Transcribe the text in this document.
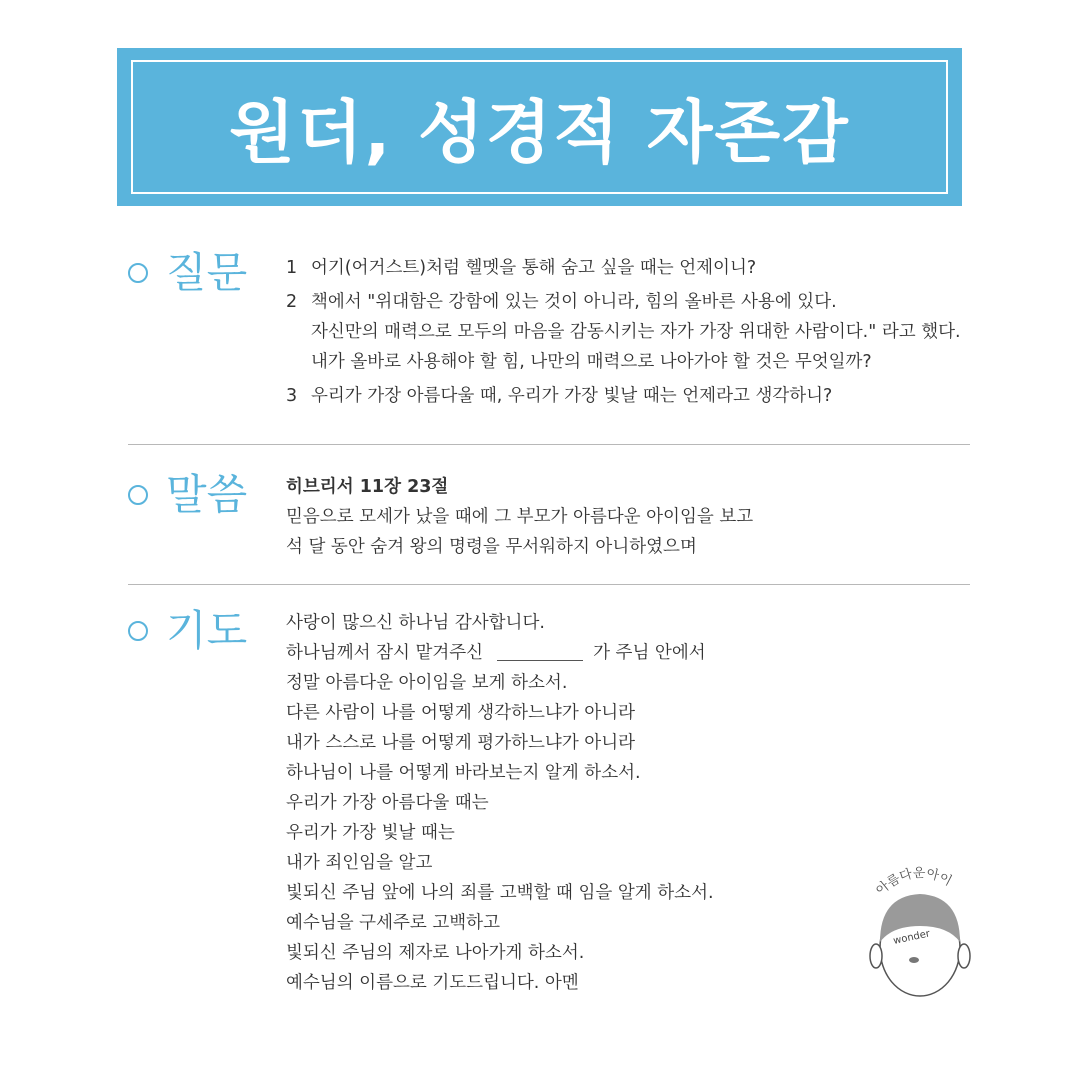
원더, 성경적 자존감
질문 1 어기(어거스트)처럼 헬멧을 통해 숨고 싶을 때는 언제이니?
2 책에서 "위대함은 강함에 있는 것이 아니라, 힘의 올바른 사용에 있다.
자신만의 매력으로 모두의 마음을 감동시키는 자가 가장 위대한 사람이다." 라고 했다.
내가 올바로 사용해야 할 힘, 나만의 매력으로 나아가야 할 것은 무엇일까?
3 우리가 가장 아름다울 때, 우리가 가장 빛날 때는 언제라고 생각하니?
말씀 히브리서 11장 23절
믿음으로 모세가 났을 때에 그 부모가 아름다운 아이임을 보고
석 달 동안 숨겨 왕의 명령을 무서워하지 아니하였으며
기도 사랑이 많으신 하나님 감사합니다.
하나님께서 잠시 맡겨주신	가 주님 안에서
정말 아름다운 아이임을 보게 하소서.
다른 사람이 나를 어떻게 생각하느냐가 아니라
내가 스스로 나를 어떻게 평가하느냐가 아니라
하나님이 나를 어떻게 바라보는지 알게 하소서.
우리가 가장 아름다울 때는
우리가 가장 빛날 때는
내가 죄인임을 알고
빛되신 주님 앞에 나의 죄를 고백할 때 임을 알게 하소서.
예수님을 구세주로 고백하고
빛되신 주님의 제자로 나아가게 하소서.
예수님의 이름으로 기도드립니다. 아멘
아름다운아이
wonder
